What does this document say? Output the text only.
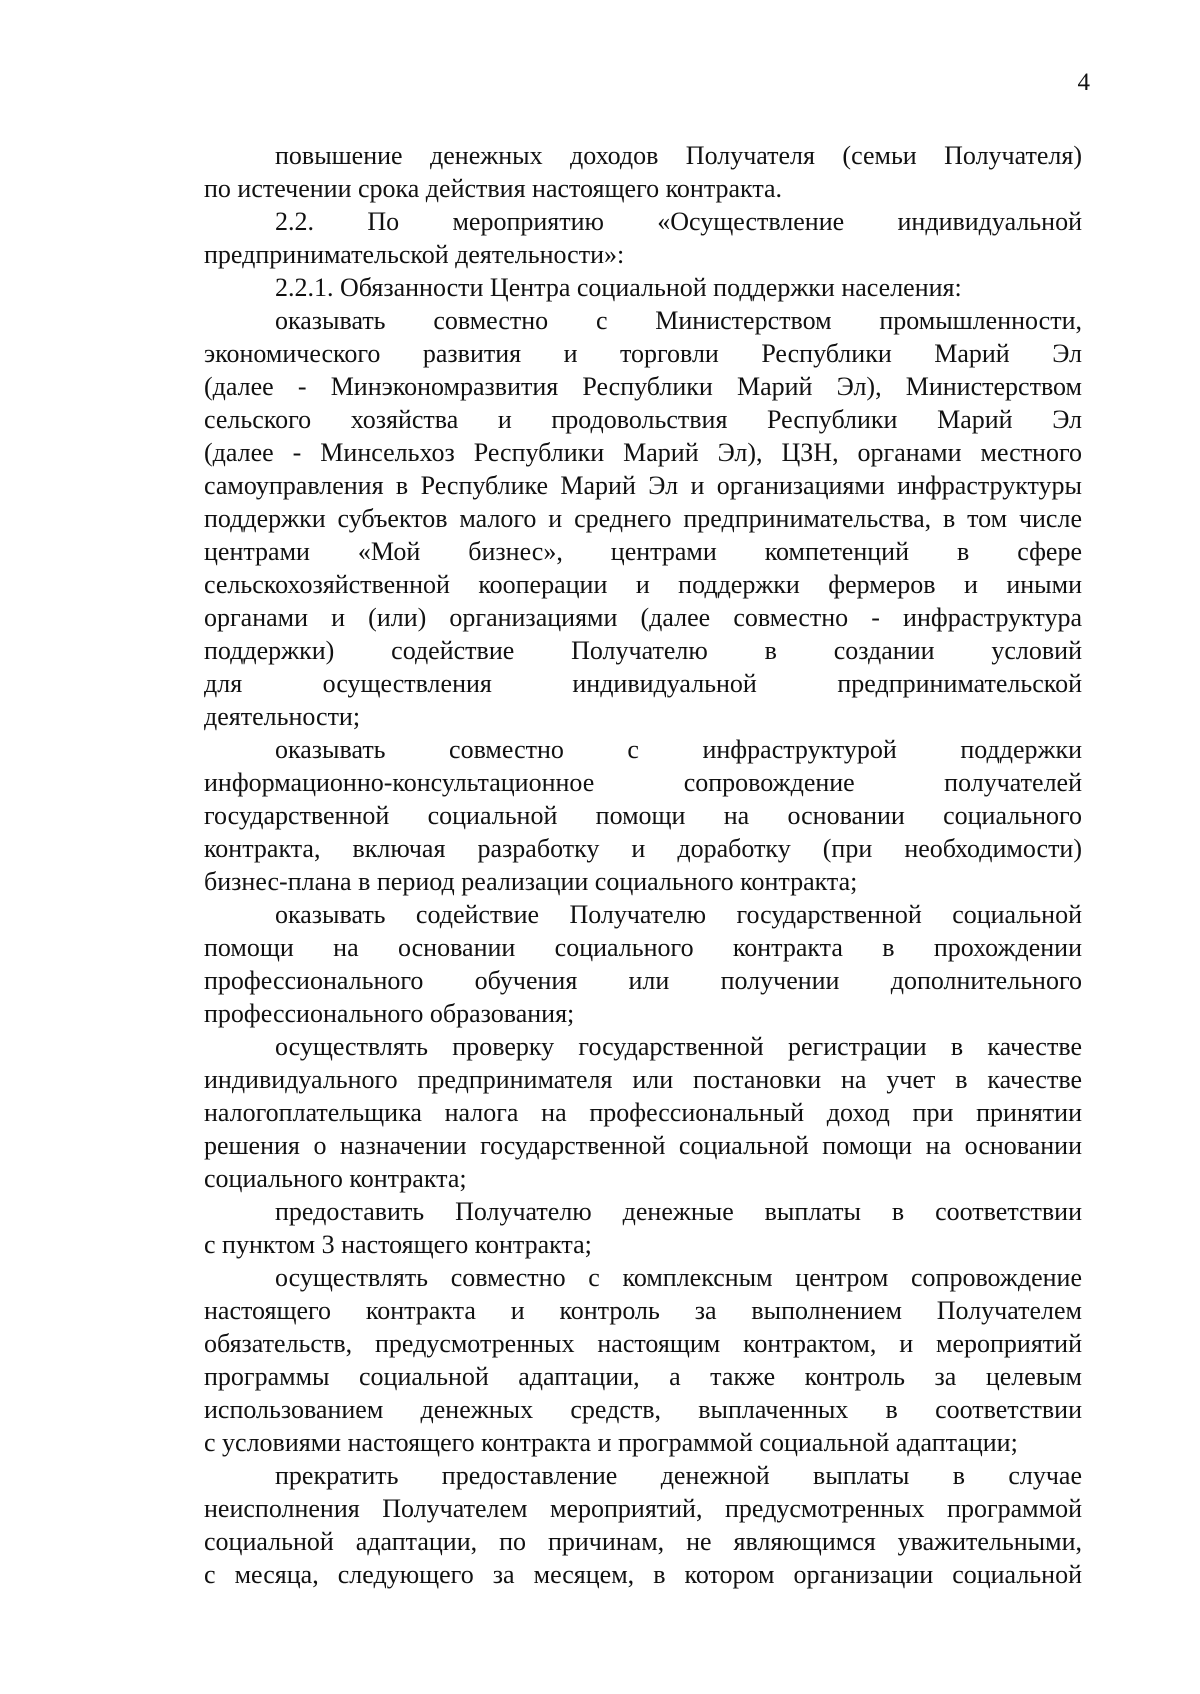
4
повышение денежных доходов Получателя (семьи Получателя)
по истечении срока действия настоящего контракта.
2.2. По мероприятию «Осуществление индивидуальной
предпринимательской деятельности»:
2.2.1. Обязанности Центра социальной поддержки населения:
оказывать совместно с Министерством промышленности,
экономического развития и торговли Республики Марий Эл
(далее - Минэкономразвития Республики Марий Эл), Министерством
сельского хозяйства и продовольствия Республики Марий Эл
(далее - Минсельхоз Республики Марий Эл), ЦЗН, органами местного
самоуправления в Республике Марий Эл и организациями инфраструктуры
поддержки субъектов малого и среднего предпринимательства, в том числе
центрами «Мой бизнес», центрами компетенций в сфере
сельскохозяйственной кооперации и поддержки фермеров и иными
органами и (или) организациями (далее совместно - инфраструктура
поддержки) содействие Получателю в создании условий
для осуществления индивидуальной предпринимательской
деятельности;
оказывать совместно с инфраструктурой поддержки
информационно-консультационное сопровождение получателей
государственной социальной помощи на основании социального
контракта, включая разработку и доработку (при необходимости)
бизнес-плана в период реализации социального контракта;
оказывать содействие Получателю государственной социальной
помощи на основании социального контракта в прохождении
профессионального обучения или получении дополнительного
профессионального образования;
осуществлять проверку государственной регистрации в качестве
индивидуального предпринимателя или постановки на учет в качестве
налогоплательщика налога на профессиональный доход при принятии
решения о назначении государственной социальной помощи на основании
социального контракта;
предоставить Получателю денежные выплаты в соответствии
с пунктом 3 настоящего контракта;
осуществлять совместно с комплексным центром сопровождение
настоящего контракта и контроль за выполнением Получателем
обязательств, предусмотренных настоящим контрактом, и мероприятий
программы социальной адаптации, а также контроль за целевым
использованием денежных средств, выплаченных в соответствии
с условиями настоящего контракта и программой социальной адаптации;
прекратить предоставление денежной выплаты в случае
неисполнения Получателем мероприятий, предусмотренных программой
социальной адаптации, по причинам, не являющимся уважительными,
с месяца, следующего за месяцем, в котором организации социальной
